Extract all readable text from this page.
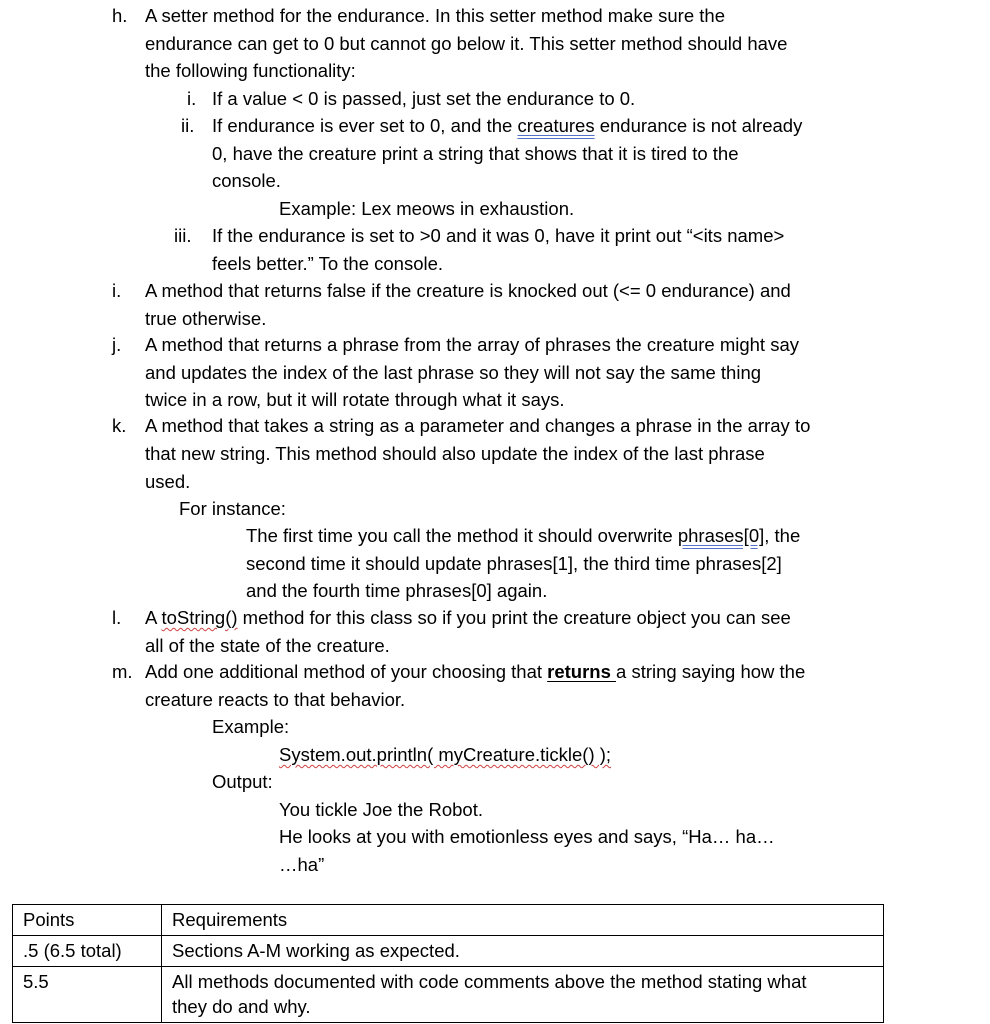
h. A setter method for the endurance. In this setter method make sure the
endurance can get to 0 but cannot go below it. This setter method should have
the following functionality:
i. If a value < 0 is passed, just set the endurance to 0.
ii. If endurance is ever set to 0, and the creatures endurance is not already
0, have the creature print a string that shows that it is tired to the
console.
Example: Lex meows in exhaustion.
iii. If the endurance is set to >0 and it was 0, have it print out “<its name>
feels better.” To the console.
i. A method that returns false if the creature is knocked out (<= 0 endurance) and
true otherwise.
j. A method that returns a phrase from the array of phrases the creature might say
and updates the index of the last phrase so they will not say the same thing
twice in a row, but it will rotate through what it says.
k. A method that takes a string as a parameter and changes a phrase in the array to
that new string. This method should also update the index of the last phrase
used.
For instance:
The first time you call the method it should overwrite phrases[0], the
second time it should update phrases[1], the third time phrases[2]
and the fourth time phrases[0] again.
l. A toString() method for this class so if you print the creature object you can see
all of the state of the creature.
m. Add one additional method of your choosing that returns a string saying how the
creature reacts to that behavior.
Example:
System.out.println( myCreature.tickle() );
Output:
You tickle Joe the Robot.
He looks at you with emotionless eyes and says, “Ha… ha…
…ha”
Points	Requirements
.5 (6.5 total)	Sections A-M working as expected.
5.5	All methods documented with code comments above the method stating what they do and why.
